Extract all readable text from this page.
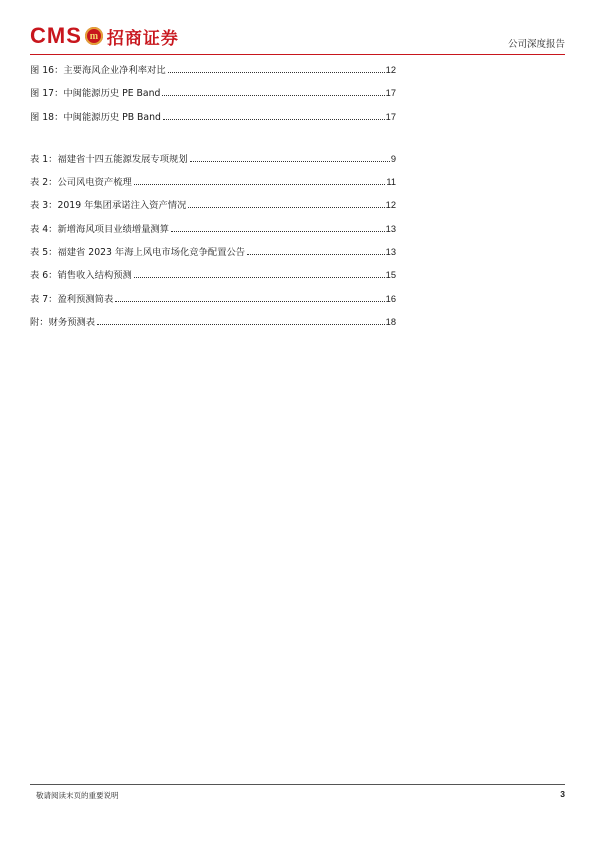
CMS m 招商证券	公司深度报告
图 16：主要海风企业净利率对比	12
图 17：中闽能源历史 PE Band	17
图 18：中闽能源历史 PB Band	17
表 1：福建省十四五能源发展专项规划	9
表 2：公司风电资产梳理	11
表 3：2019 年集团承诺注入资产情况	12
表 4：新增海风项目业绩增量测算	13
表 5：福建省 2023 年海上风电市场化竞争配置公告	13
表 6：销售收入结构预测	15
表 7：盈利预测简表	16
附：财务预测表	18
敬请阅读末页的重要说明	3
